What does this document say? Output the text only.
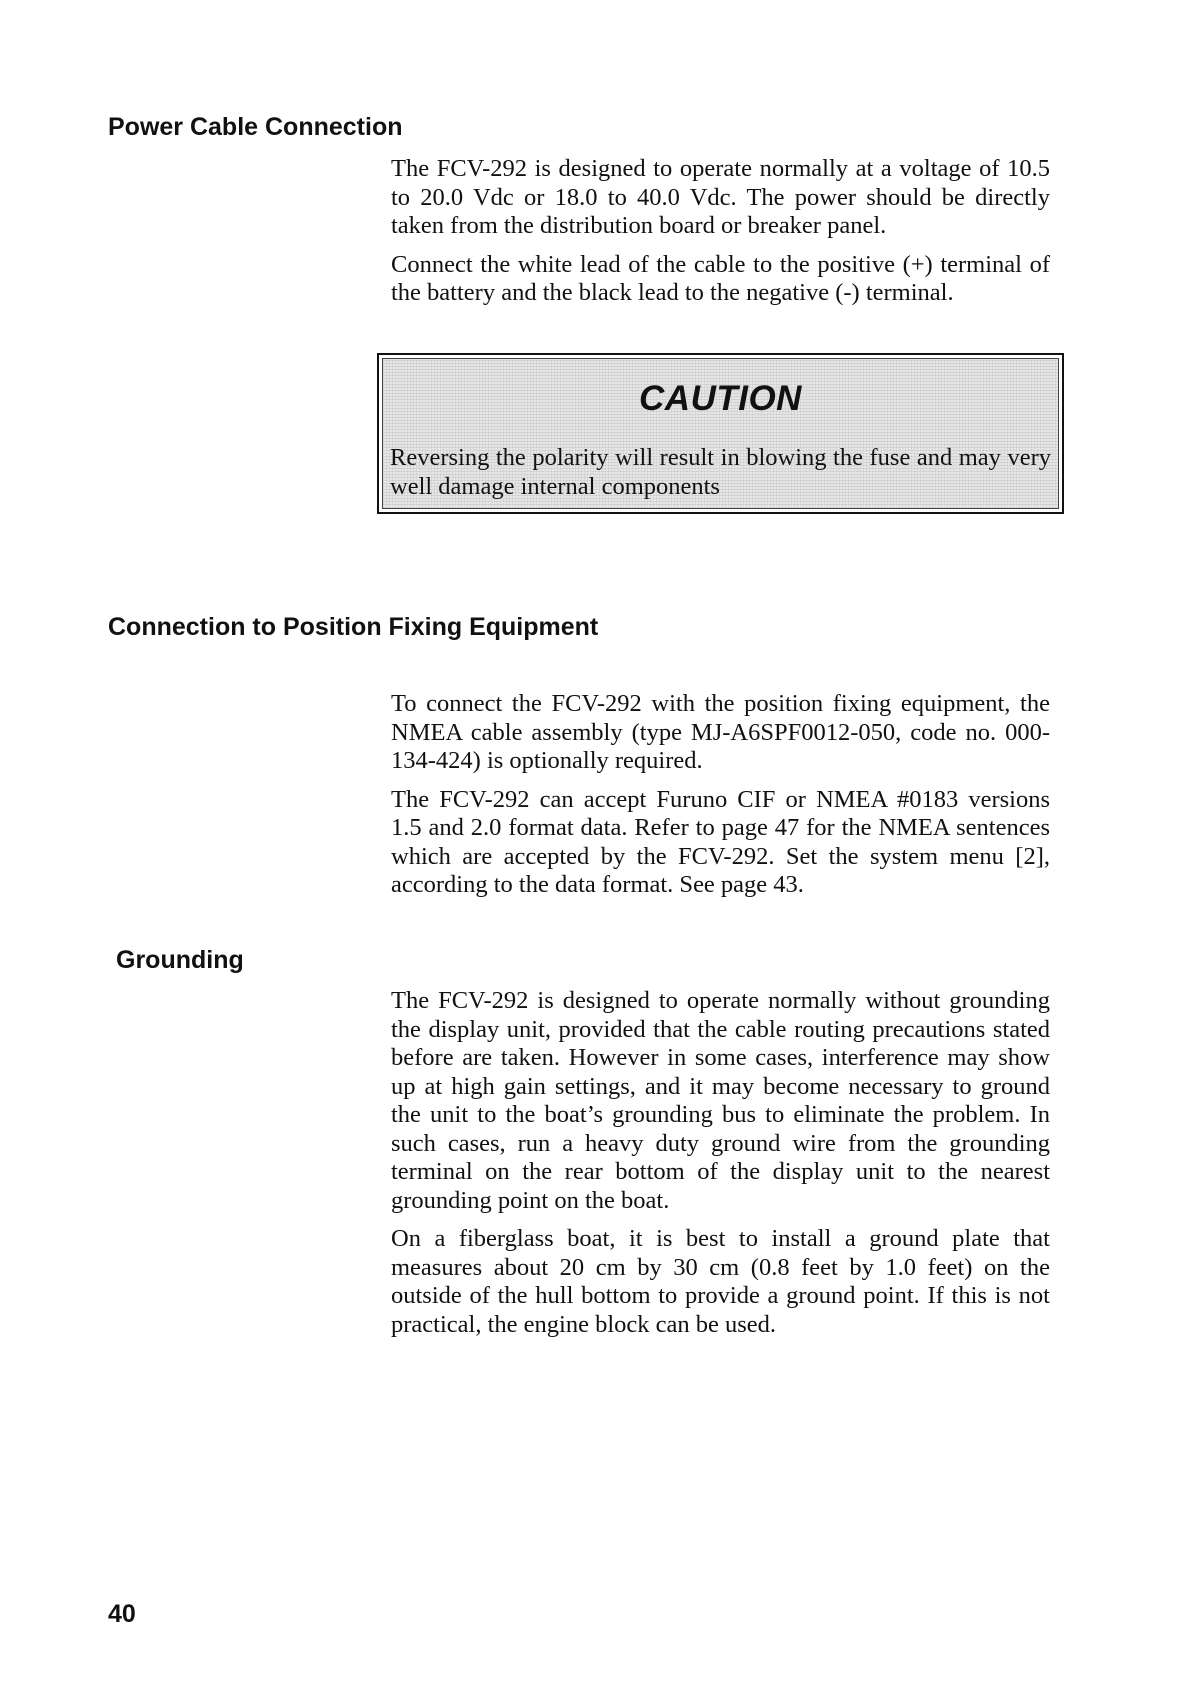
Power Cable Connection

The FCV-292 is designed to operate normally at a voltage of 10.5 to 20.0 Vdc or 18.0 to 40.0 Vdc. The power should be directly taken from the distribution board or breaker panel.

Connect the white lead of the cable to the positive (+) terminal of the battery and the black lead to the negative (-) terminal.

CAUTION
Reversing the polarity will result in blowing the fuse and may very well damage internal components
Connection to Position Fixing Equipment

To connect the FCV-292 with the position fixing equipment, the NMEA cable assembly (type MJ-A6SPF0012-050, code no. 000-134-424) is optionally required.

The FCV-292 can accept Furuno CIF or NMEA #0183 versions 1.5 and 2.0 format data. Refer to page 47 for the NMEA sentences which are accepted by the FCV-292. Set the system menu [2], according to the data format. See page 43.

Grounding

The FCV-292 is designed to operate normally without grounding the display unit, provided that the cable routing precautions stated before are taken. However in some cases, interference may show up at high gain settings, and it may become necessary to ground the unit to the boat’s grounding bus to eliminate the problem. In such cases, run a heavy duty ground wire from the grounding terminal on the rear bottom of the display unit to the nearest grounding point on the boat.

On a fiberglass boat, it is best to install a ground plate that measures about 20 cm by 30 cm (0.8 feet by 1.0 feet) on the outside of the hull bottom to provide a ground point. If this is not practical, the engine block can be used.

40
